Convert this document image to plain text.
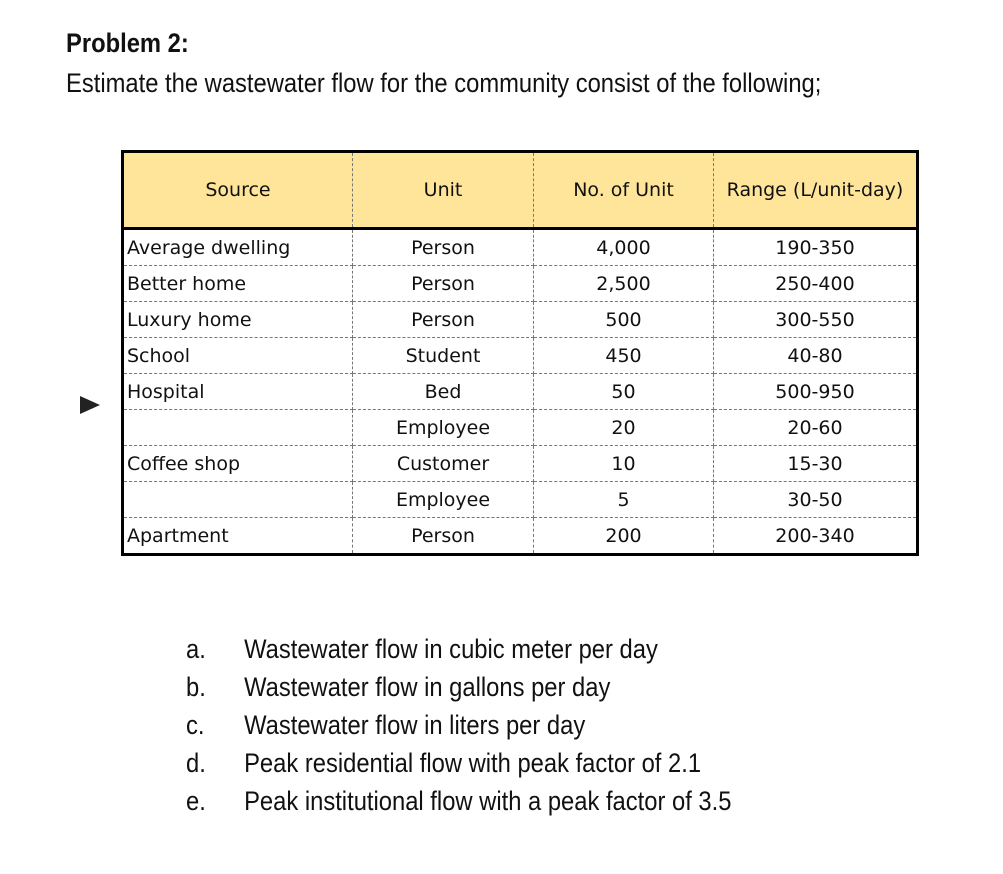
Problem 2:
Estimate the wastewater flow for the community consist of the following;
Source	Unit	No. of Unit	Range (L/unit-day)
Average dwelling	Person	4,000	190-350
Better home	Person	2,500	250-400
Luxury home	Person	500	300-550
School	Student	450	40-80
Hospital	Bed	50	500-950
	Employee	20	20-60
Coffee shop	Customer	10	15-30
	Employee	5	30-50
Apartment	Person	200	200-340
a.	Wastewater flow in cubic meter per day
b.	Wastewater flow in gallons per day
c.	Wastewater flow in liters per day
d.	Peak residential flow with peak factor of 2.1
e.	Peak institutional flow with a peak factor of 3.5
